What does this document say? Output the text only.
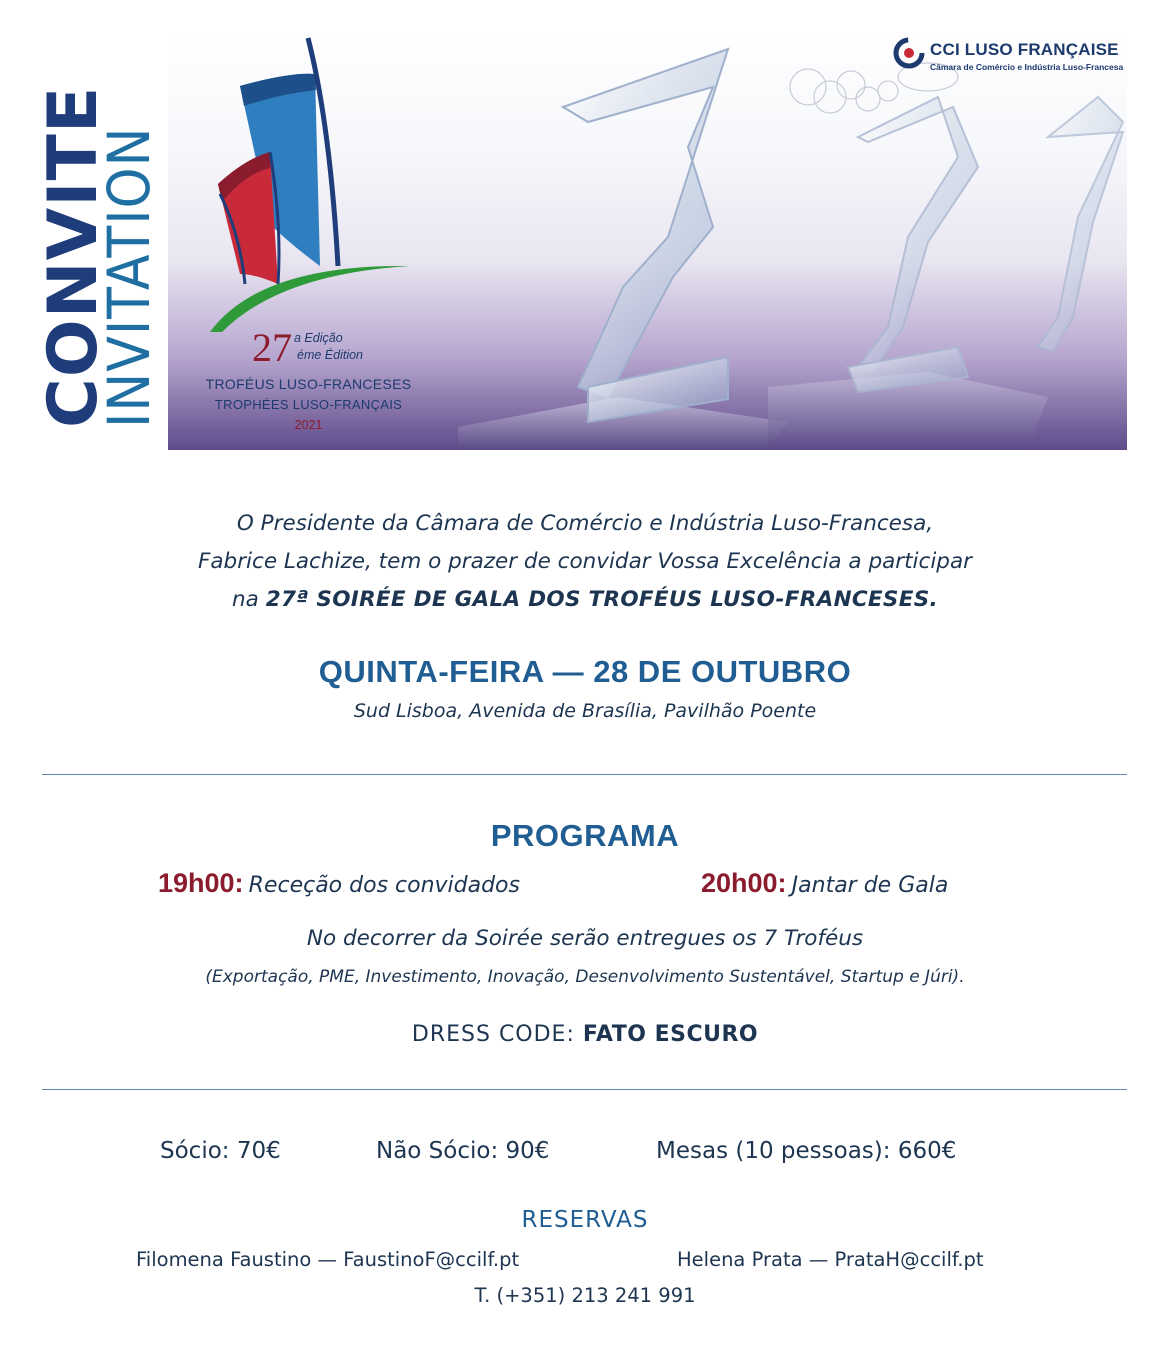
CONVITE
INVITATION 27 a Edição
éme Édition
TROFÉUS LUSO-FRANCESES
TROPHÉES LUSO-FRANÇAIS
2021
CCI LUSO FRANÇAISE
Câmara de Comércio e Indústria Luso-Francesa
O Presidente da Câmara de Comércio e Indústria Luso-Francesa,
Fabrice Lachize, tem o prazer de convidar Vossa Excelência a participar
na 27ª SOIRÉE DE GALA DOS TROFÉUS LUSO-FRANCESES.
QUINTA-FEIRA — 28 DE OUTUBRO
Sud Lisboa, Avenida de Brasília, Pavilhão Poente
PROGRAMA
19h00: Receção dos convidados	20h00: Jantar de Gala
No decorrer da Soirée serão entregues os 7 Troféus
(Exportação, PME, Investimento, Inovação, Desenvolvimento Sustentável, Startup e Júri).
DRESS CODE: FATO ESCURO
Sócio: 70€	Não Sócio: 90€	Mesas (10 pessoas): 660€
RESERVAS
Filomena Faustino — FaustinoF@ccilf.pt	Helena Prata — PrataH@ccilf.pt
T. (+351) 213 241 991
